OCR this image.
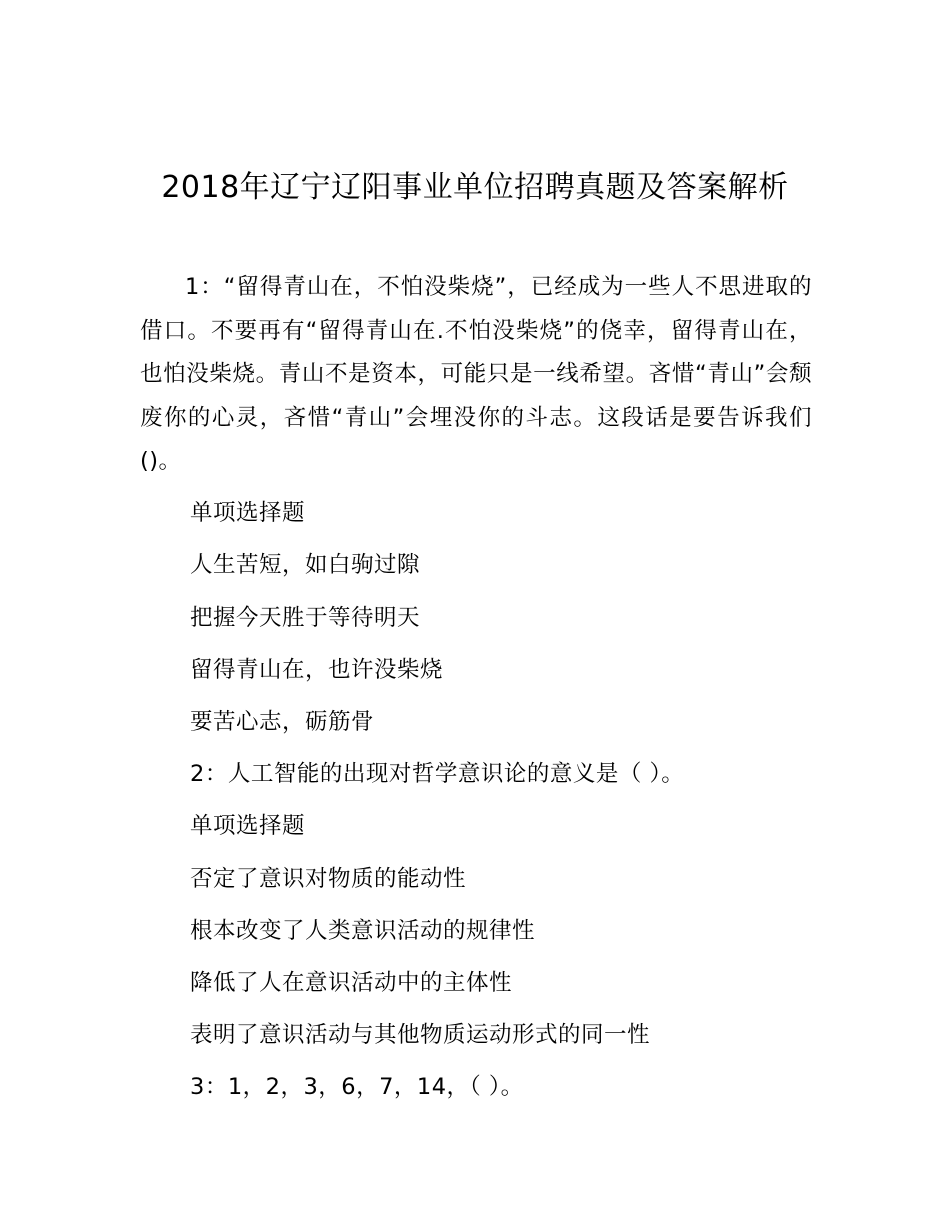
2018年辽宁辽阳事业单位招聘真题及答案解析

1：“留得青山在，不怕没柴烧”，已经成为一些人不思进取的借口。不要再有“留得青山在.不怕没柴烧”的侥幸，留得青山在，也怕没柴烧。青山不是资本，可能只是一线希望。吝惜“青山”会颓废你的心灵，吝惜“青山”会埋没你的斗志。这段话是要告诉我们()。

单项选择题
人生苦短，如白驹过隙
把握今天胜于等待明天
留得青山在，也许没柴烧
要苦心志，砺筋骨
2：人工智能的出现对哲学意识论的意义是（ ）。
单项选择题
否定了意识对物质的能动性
根本改变了人类意识活动的规律性
降低了人在意识活动中的主体性
表明了意识活动与其他物质运动形式的同一性
3：1，2，3，6，7，14，（ ）。
